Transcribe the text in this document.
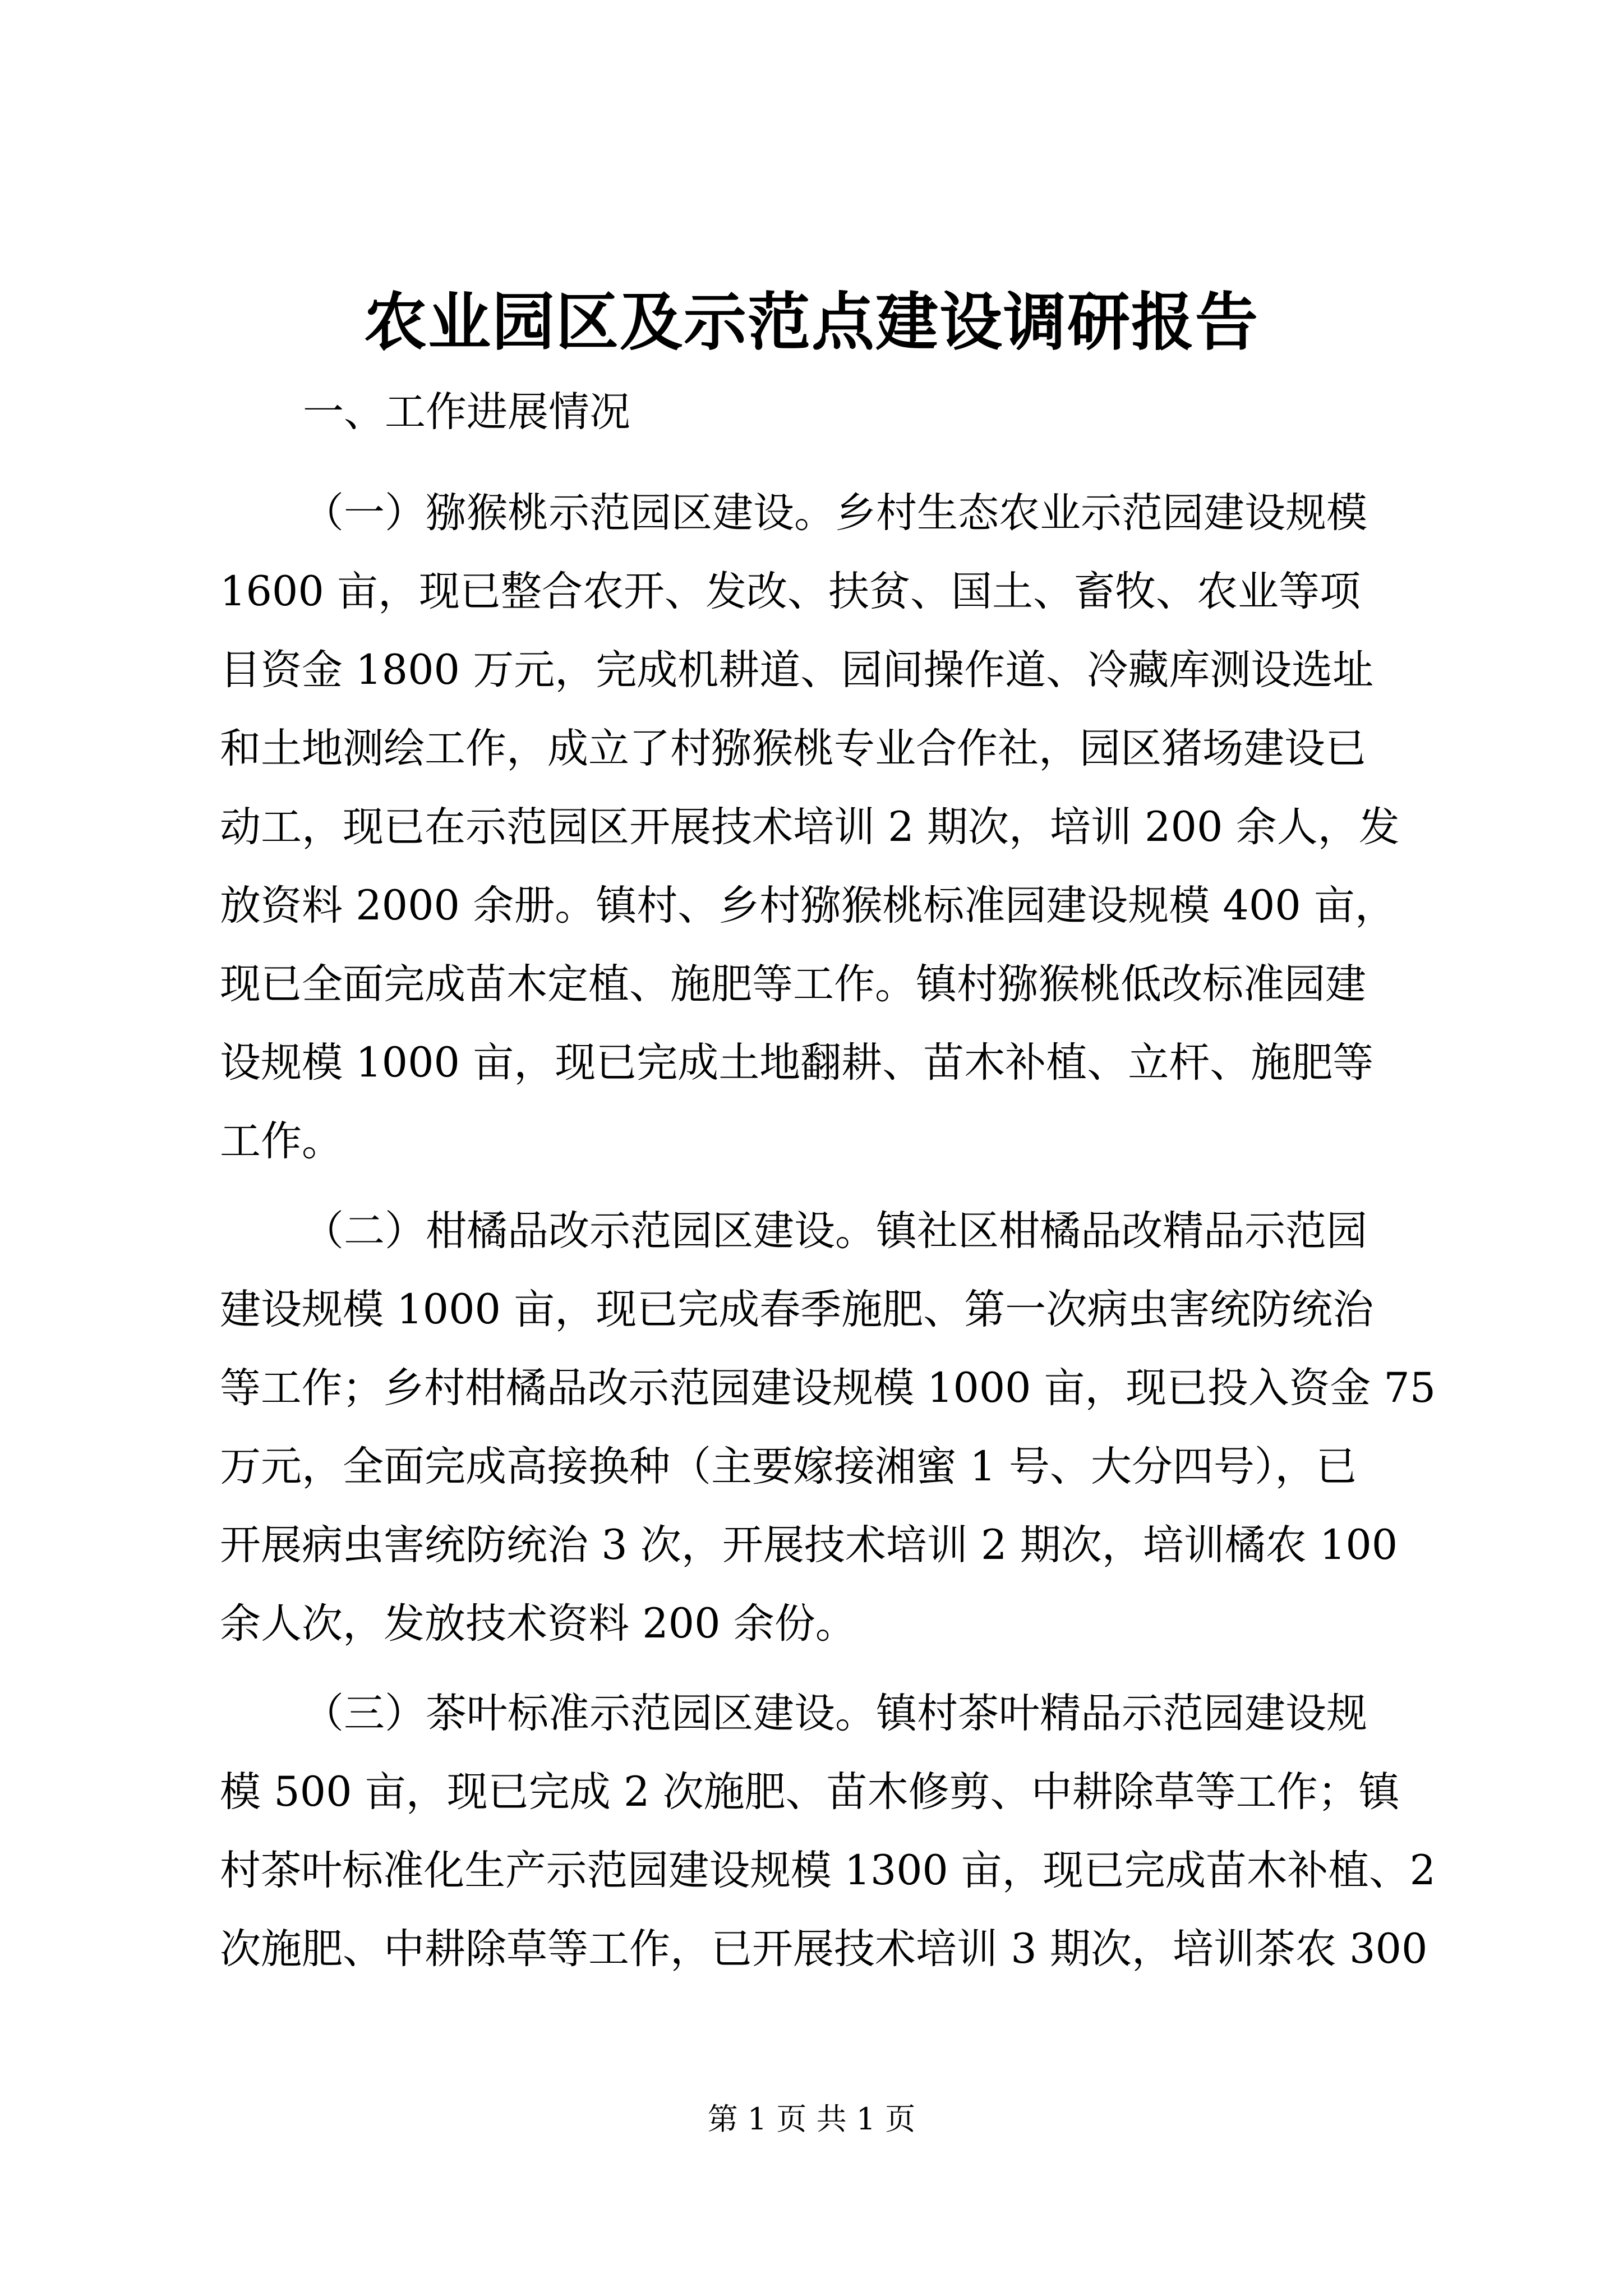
农业园区及示范点建设调研报告
一、工作进展情况
（一）猕猴桃示范园区建设。乡村生态农业示范园建设规模
1600 亩，现已整合农开、发改、扶贫、国土、畜牧、农业等项
目资金 1800 万元，完成机耕道、园间操作道、冷藏库测设选址
和土地测绘工作，成立了村猕猴桃专业合作社，园区猪场建设已
动工，现已在示范园区开展技术培训 2 期次，培训 200 余人，发
放资料 2000 余册。镇村、乡村猕猴桃标准园建设规模 400 亩，
现已全面完成苗木定植、施肥等工作。镇村猕猴桃低改标准园建
设规模 1000 亩，现已完成土地翻耕、苗木补植、立杆、施肥等
工作。
（二）柑橘品改示范园区建设。镇社区柑橘品改精品示范园
建设规模 1000 亩，现已完成春季施肥、第一次病虫害统防统治
等工作；乡村柑橘品改示范园建设规模 1000 亩，现已投入资金 75
万元，全面完成高接换种（主要嫁接湘蜜 1 号、大分四号），已
开展病虫害统防统治 3 次，开展技术培训 2 期次，培训橘农 100
余人次，发放技术资料 200 余份。
（三）茶叶标准示范园区建设。镇村茶叶精品示范园建设规
模 500 亩，现已完成 2 次施肥、苗木修剪、中耕除草等工作；镇
村茶叶标准化生产示范园建设规模 1300 亩，现已完成苗木补植、2
次施肥、中耕除草等工作，已开展技术培训 3 期次，培训茶农 300
第 1 页 共 1 页
